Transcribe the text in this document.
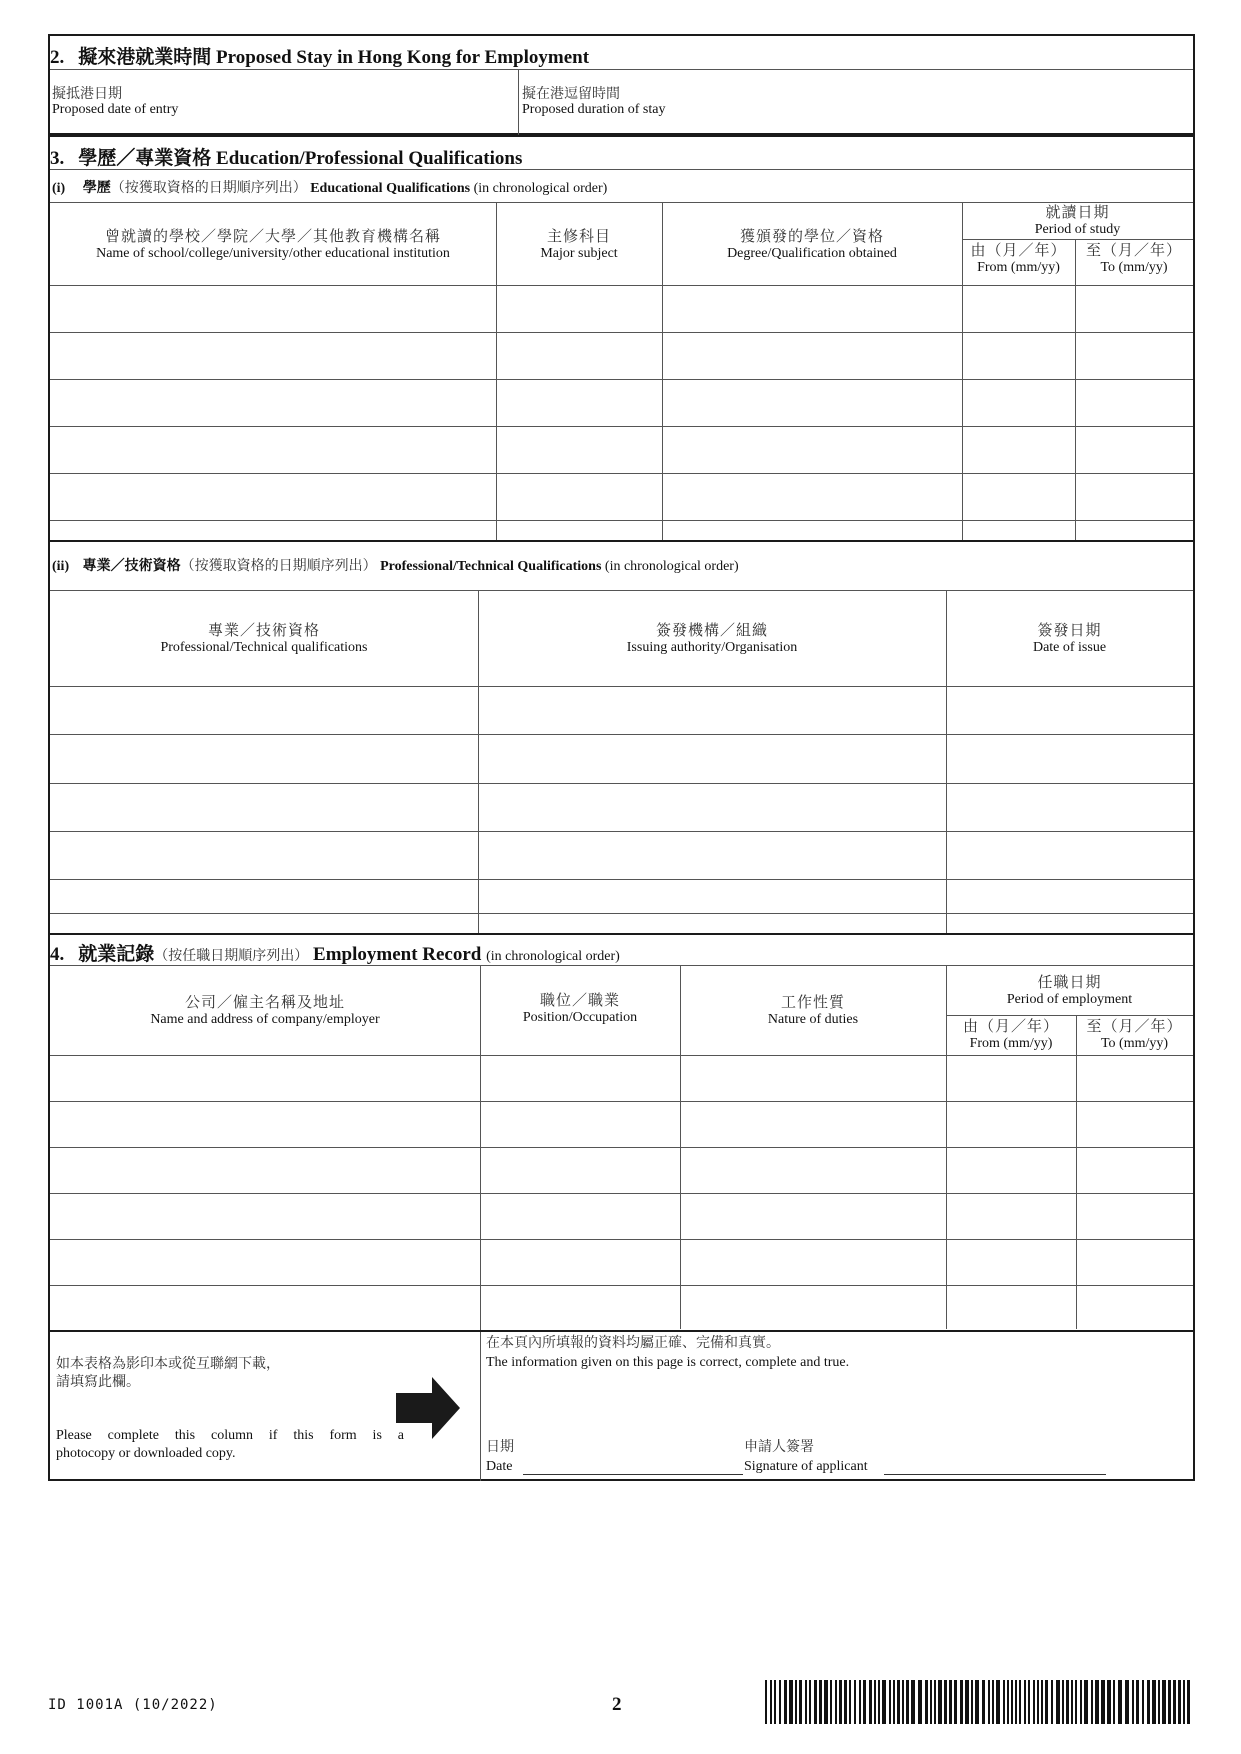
2. 擬來港就業時間 Proposed Stay in Hong Kong for Employment
擬抵港日期
Proposed date of entry
擬在港逗留時間
Proposed duration of stay
3. 學歷／專業資格 Education/Professional Qualifications
(i) 學歷（按獲取資格的日期順序列出） Educational Qualifications (in chronological order)
曾就讀的學校／學院／大學／其他教育機構名稱
Name of school/college/university/other educational institution
主修科目
Major subject
獲頒發的學位／資格
Degree/Qualification obtained
就讀日期
Period of study
由（月／年）
From (mm/yy)
至（月／年）
To (mm/yy)
(ii) 專業／技術資格（按獲取資格的日期順序列出） Professional/Technical Qualifications (in chronological order)
專業／技術資格
Professional/Technical qualifications
簽發機構／組織
Issuing authority/Organisation
簽發日期
Date of issue
4. 就業記錄（按任職日期順序列出） Employment Record (in chronological order)
公司／僱主名稱及地址
Name and address of company/employer
職位／職業
Position/Occupation
工作性質
Nature of duties
任職日期
Period of employment
由（月／年）
From (mm/yy)
至（月／年）
To (mm/yy)
如本表格為影印本或從互聯網下載，
請填寫此欄。
Please complete this column if this form is a
photocopy or downloaded copy.
在本頁內所填報的資料均屬正確、完備和真實。
The information given on this page is correct, complete and true.
日期
Date
申請人簽署
Signature of applicant
ID 1001A (10/2022)	2
